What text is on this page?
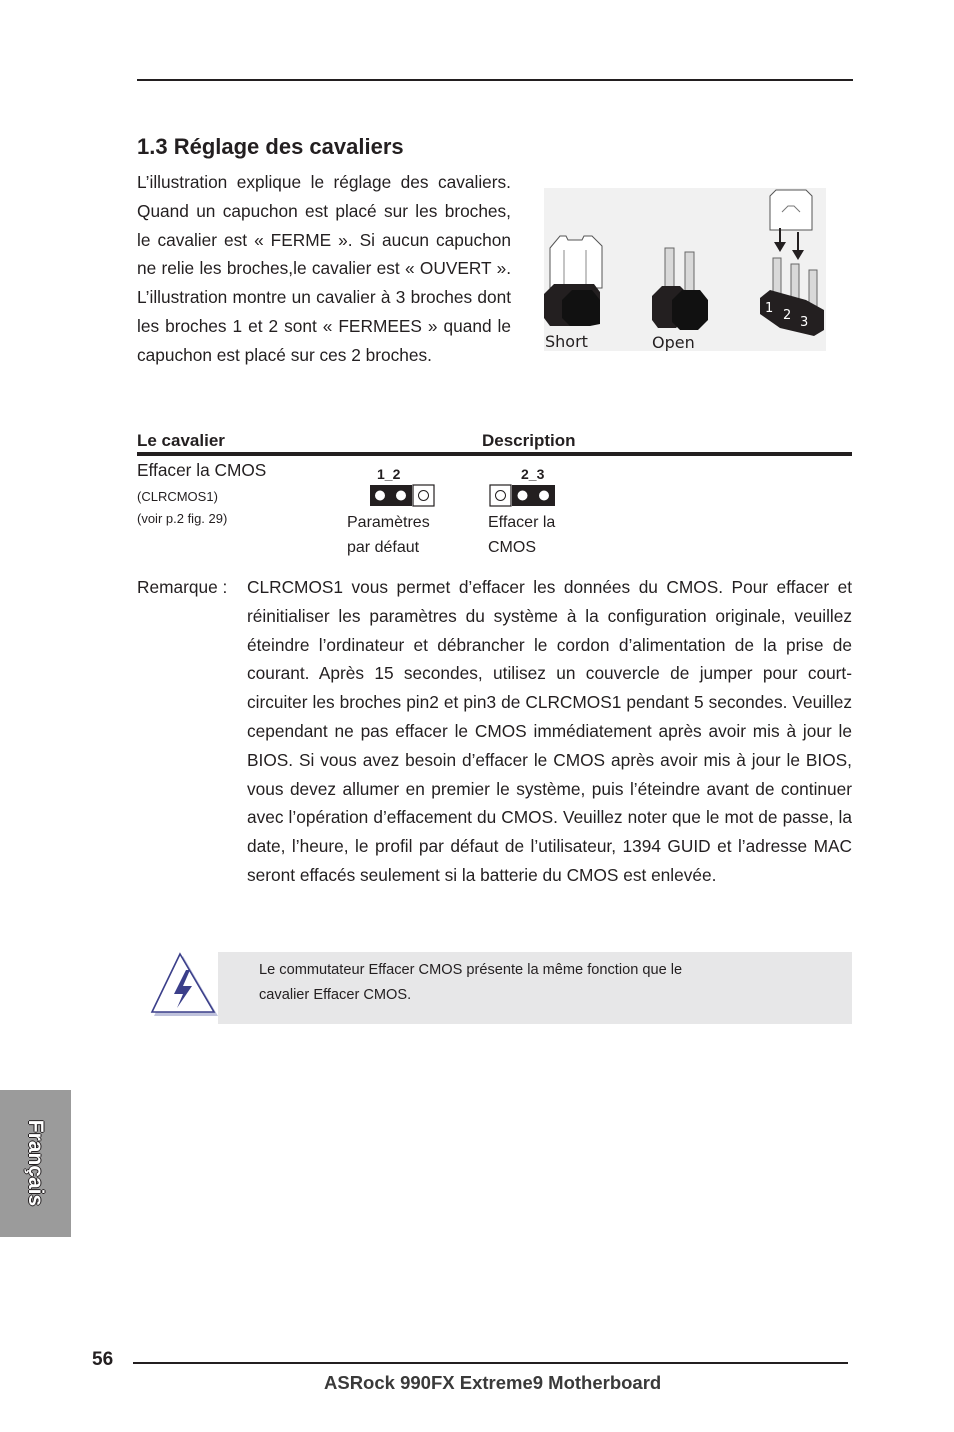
1.3 Réglage des cavaliers
L’illustration explique le réglage des cavaliers. Quand un capuchon est placé sur les broches, le cavalier est « FERME ». Si aucun capuchon ne relie les broches,le cavalier est « OUVERT ». L’illustration montre un cavalier à 3 broches dont les broches 1 et 2 sont « FERMEES » quand le capuchon est placé sur ces 2 broches.
1 2 3
Short	Open
Le cavalier	Description
Effacer la CMOS
(CLRCMOS1)
(voir p.2 fig. 29)
1_2
Paramètres
par défaut
2_3
Effacer la
CMOS
Remarque : CLRCMOS1 vous permet d’effacer les données du CMOS. Pour effacer et réinitialiser les paramètres du système à la configuration originale, veuillez éteindre l’ordinateur et débrancher le cordon d’alimentation de la prise de courant. Après 15 secondes, utilisez un couvercle de jumper pour court-circuiter les broches pin2 et pin3 de CLRCMOS1 pendant 5 secondes. Veuillez cependant ne pas effacer le CMOS immédiatement après avoir mis à jour le BIOS. Si vous avez besoin d’effacer le CMOS après avoir mis à jour le BIOS, vous devez allumer en premier le système, puis l’éteindre avant de continuer avec l’opération d’effacement du CMOS. Veuillez noter que le mot de passe, la date, l’heure, le profil par défaut de l’utilisateur, 1394 GUID et l’adresse MAC seront effacés seulement si la batterie du CMOS est enlevée.
Le commutateur Effacer CMOS présente la même fonction que le
cavalier Effacer CMOS.
Français
56
ASRock 990FX Extreme9 Motherboard
